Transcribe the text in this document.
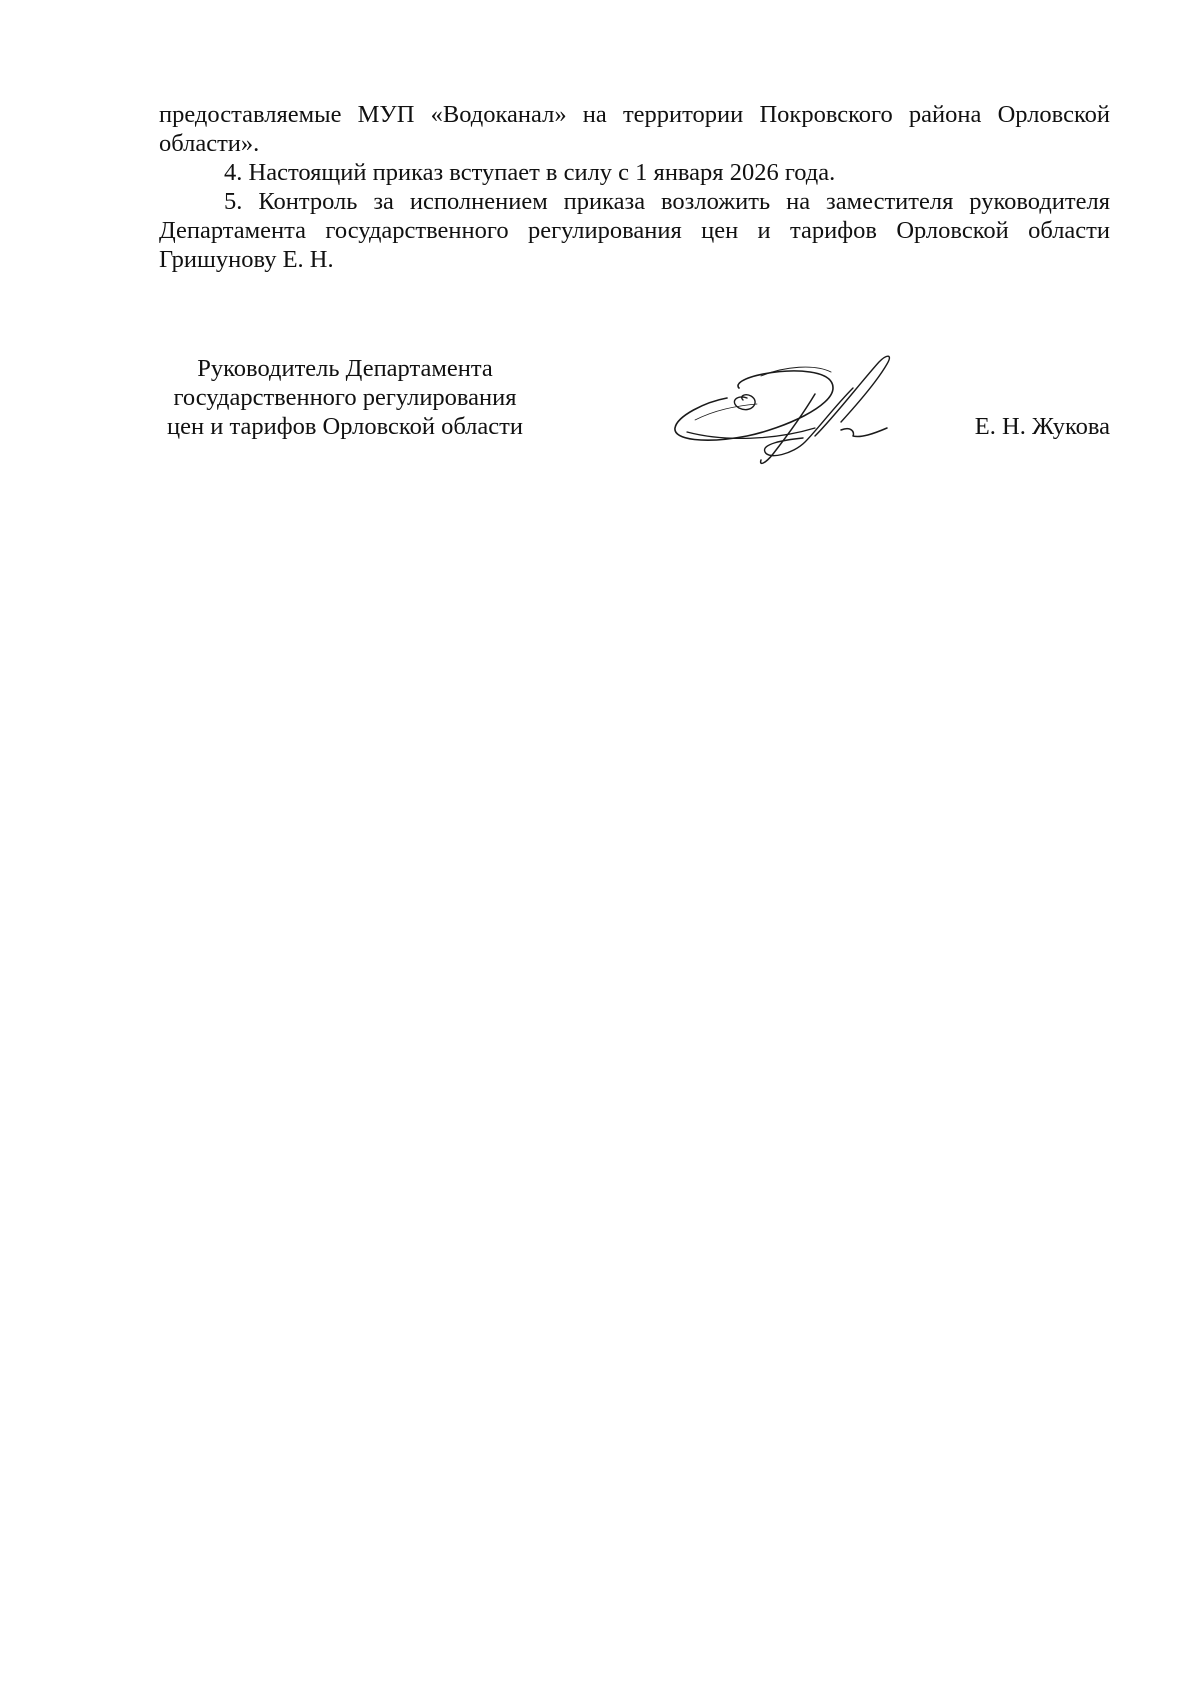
предоставляемые МУП «Водоканал» на территории Покровского района Орловской области».

4. Настоящий приказ вступает в силу с 1 января 2026 года.

5. Контроль за исполнением приказа возложить на заместителя руководителя Департамента государственного регулирования цен и тарифов Орловской области Гришунову Е. Н.

Руководитель Департамента
государственного регулирования
цен и тарифов Орловской области	Е. Н. Жукова
